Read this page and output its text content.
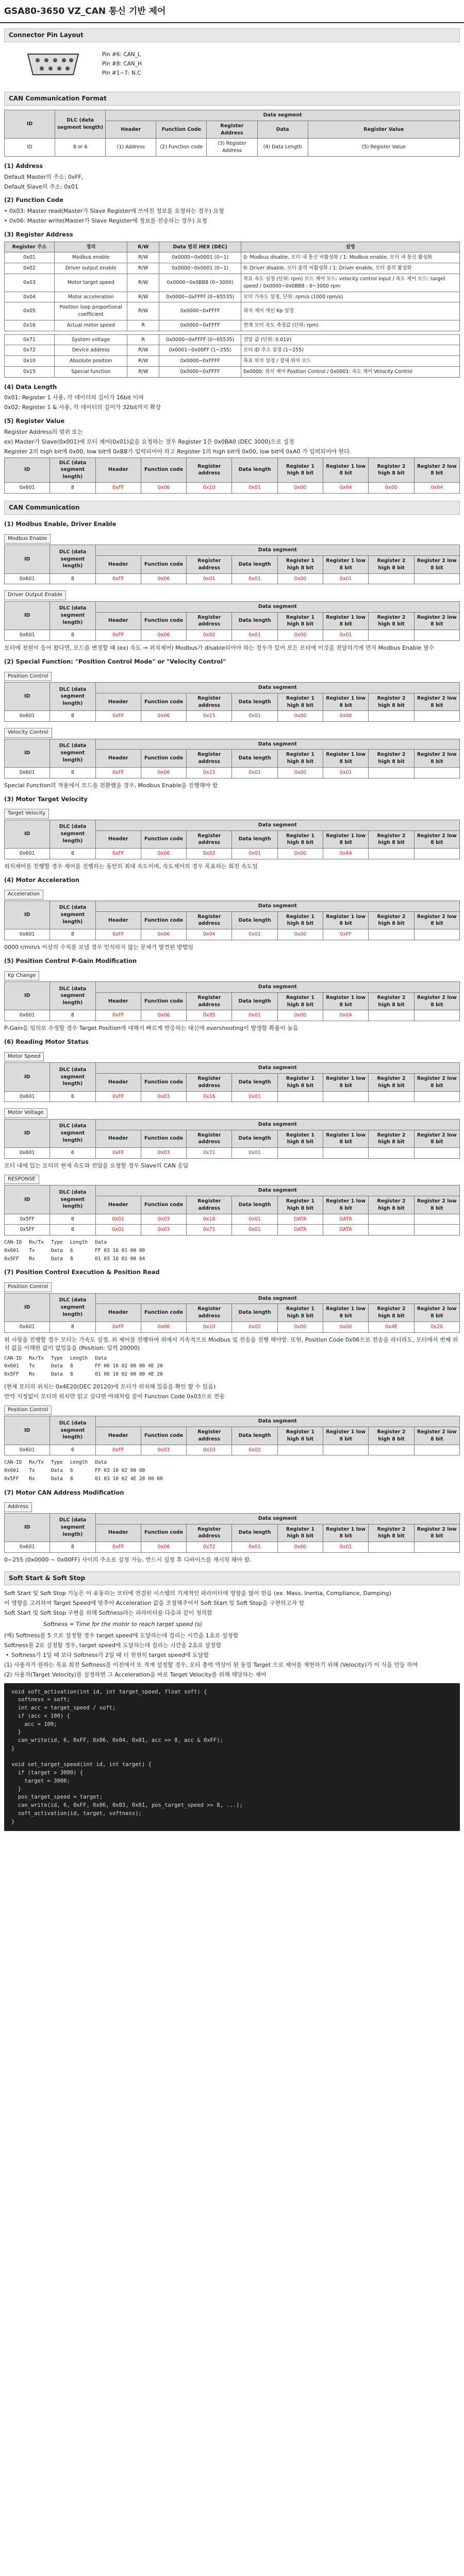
GSA80-3650 VZ_CAN 통신 기반 제어
Connector Pin Layout
Pin #6: CAN_L
Pin #8: CAN_H
Pin #1~7: N.C
CAN Communication Format
ID	DLC (data segment length)	Data segment				
		Header	Function Code	Register Address	Data	Register Value
ID	8 or 6	(1) Address	(2) Function code	(3) Register Address	(4) Data Length	(5) Register Value
(1) Address
Default Master의 주소: 0xFF,
Default Slave의 주소: 0x01
(2) Function Code
• 0x03: Master read(Master가 Slave Register에 쓰여진 정보를 요청하는 경우) 요청
• 0x06: Master write(Master가 Slave Register에 정보를 전송하는 경우) 요청
(3) Register Address
Register 주소	정의	R/W	Data 범위 HEX (DEC)	설명
0x01	Modbus enable	R/W	0x0000~0x0001 (0~1)	0: Modbus disable, 모터 내 통신 비활성화 / 1: Modbus enable, 모터 내 통신 활성화
0x02	Driver output enable	R/W	0x0000~0x0001 (0~1)	0: Driver disable, 모터 출력 비활성화 / 1: Driver enable, 모터 출력 활성화
0x03	Motor target speed	R/W	0x0000~0x0BB8 (0~3000)	목표 속도 설정 (단위: rpm) 모드 제어 모드: velocity control input / 속도 제어 모드: target speed / 0x0000~0x0BB8 : 0~3000 rpm
0x04	Motor acceleration	R/W	0x0000~0xFFFF (0~65535)	모터 가속도 설정, 단위: rpm/s (1000 rpm/s)
0x05	Position loop proportional coefficient	R/W	0x0000~0xFFFF	위치 제어 게인 Kp 설정
0x16	Actual motor speed	R	0x0000~0xFFFF	현재 모터 속도 측정값 (단위: rpm)
0x71	System voltage	R	0x0000~0xFFFF (0~65535)	전압 값 (단위: 0.01V)
0x72	Device address	R/W	0x0001~0x00FF (1~255)	모터 ID 주소 설정 (1~255)
0x10	Absolute position	R/W	0x0000~0xFFFF	목표 위치 설정 / 절대 위치 모드
0x15	Special function	R/W	0x0000~0xFFFF	0x0000: 위치 제어 Position Control / 0x0001: 속도 제어 Velocity Control
(4) Data Length
0x01: Register 1 사용, 각 데이터의 길이가 16bit 이며
0x02: Register 1 & 사용, 각 데이터의 길이가 32bit까지 확장
(5) Register Value
Register Address의 범위 또는
ex) Master가 Slave(0x001)에 모터 제어(0x01)값을 요청하는 경우 Register 1은 0x0BA0 (DEC 3000)으로 설정
Register 2의 high bit에 0x00, low bit에 0xBB가 입력되어야 하고 Register 1의 high bit에 0x00, low bit에 0xA0 가 입력되어야 한다.
ID	DLC (data segment length)	Header	Function code	Register address	Data length	Register 1 high 8 bit	Register 1 low 8 bit	Register 2 high 8 bit	Register 2 low 8 bit
0x601	8	0xFF	0x06	0x10	0x01	0x00	0x64	0x00	0x64
CAN Communication
(1) Modbus Enable, Driver Enable
Modbus Enable
ID	DLC (data segment length)	Data segment							
		Header	Function code	Register address	Data length	Register 1 high 8 bit	Register 1 low 8 bit	Register 2 high 8 bit	Register 2 low 8 bit
0x601	8	0xFF	0x06	0x01	0x01	0x00	0x01		
Driver Output Enable
ID	DLC (data segment length)	Data segment							
		Header	Function code	Register address	Data length	Register 1 high 8 bit	Register 1 low 8 bit	Register 2 high 8 bit	Register 2 low 8 bit
0x601	8	0xFF	0x06	0x02	0x01	0x00	0x01		
모터에 전원이 들어 왔다면, 모드를 변경할 때 (ex) 속도 → 위치제어) Modbus가 disable되어야 하는 경우가 있어 모든 모터에 이것을 전달하기에 먼저 Modbus Enable 필수
(2) Special Function: "Position Control Mode" or "Velocity Control"
Position Control
ID	DLC (data segment length)	Data segment							
		Header	Function code	Register address	Data length	Register 1 high 8 bit	Register 1 low 8 bit	Register 2 high 8 bit	Register 2 low 8 bit
0x601	8	0xFF	0x06	0x15	0x01	0x00	0x00		
Velocity Control
ID	DLC (data segment length)	Data segment							
		Header	Function code	Register address	Data length	Register 1 high 8 bit	Register 1 low 8 bit	Register 2 high 8 bit	Register 2 low 8 bit
0x601	8	0xFF	0x06	0x15	0x01	0x00	0x01		
Special Function의 적용에서 모드를 전환했을 경우, Modbus Enable을 진행해야 함
(3) Motor Target Velocity
Target Velocity
ID	DLC (data segment length)	Data segment							
		Header	Function code	Register address	Data length	Register 1 high 8 bit	Register 1 low 8 bit	Register 2 high 8 bit	Register 2 low 8 bit
0x601	8	0xFF	0x06	0x03	0x01	0x00	0x64		
위치제어를 진행할 경우 제어를 진행하는 동안의 최대 속도이며, 속도제어의 경우 목표하는 회전 속도임
(4) Motor Acceleration
Acceleration
ID	DLC (data segment length)	Data segment							
		Header	Function code	Register address	Data length	Register 1 high 8 bit	Register 1 low 8 bit	Register 2 high 8 bit	Register 2 low 8 bit
0x601	8	0xFF	0x06	0x04	0x01	0x00	0xFF		
0000 r/min/s 이상의 수치를 보낼 경우 인식하지 않는 문제가 발견된 방법임
(5) Position Control P-Gain Modification
Kp Change
ID	DLC (data segment length)	Data segment							
		Header	Function code	Register address	Data length	Register 1 high 8 bit	Register 1 low 8 bit	Register 2 high 8 bit	Register 2 low 8 bit
0x601	8	0xFF	0x06	0x05	0x01	0x00	0x0A		
P-Gain을 임의로 수정할 경우 Target Position에 대해서 빠르게 반응하는 대신에 overshooting이 발생할 확률이 높음
(6) Reading Motor Status
Motor Speed
ID	DLC (data segment length)	Data segment							
		Header	Function code	Register address	Data length	Register 1 high 8 bit	Register 1 low 8 bit	Register 2 high 8 bit	Register 2 low 8 bit
0x601	6	0xFF	0x03	0x16	0x01				
Motor Voltage
ID	DLC (data segment length)	Data segment							
		Header	Function code	Register address	Data length	Register 1 high 8 bit	Register 1 low 8 bit	Register 2 high 8 bit	Register 2 low 8 bit
0x601	6	0xFF	0x03	0x71	0x01				
모터 내에 있는 모터의 현재 속도와 전압을 요청할 경우 Slave의 CAN 응답
RESPONSE
ID	DLC (data segment length)	Data segment							
		Header	Function code	Register address	Data length	Register 1 high 8 bit	Register 1 low 8 bit	Register 2 high 8 bit	Register 2 low 8 bit
0x5FF	8	0x01	0x03	0x16	0x01	DATA	DATA		
0x5FF	8	0x01	0x03	0x71	0x01	DATA	DATA		
CAN-ID	Rx/Tx	Type	Length	Data
0x601	Tx	Data	6	FF 03 16 01 00 00
0x5FF	Rx	Data	8	01 03 16 01 00 64
(7) Position Control Execution & Position Read
Position Control
ID	DLC (data segment length)	Data segment							
		Header	Function code	Register address	Data length	Register 1 high 8 bit	Register 1 low 8 bit	Register 2 high 8 bit	Register 2 low 8 bit
0x601	8	0xFF	0x06	0x10	0x02	0x00	0x00	0x4E	0x20
위 사항을 진행할 경우 모터는 가속도 설정, 위 제어를 진행하여 위에서 지속적으로 Modbus 및 전송을 진행 해야함. 또한, Position Code 0x06으로 전송을 하더라도, 모터에서 번째 위치 값을 이해한 값이 없었음을 (Position: 입력 20000)
CAN-ID	Rx/Tx	Type	Length	Data
0x601	Tx	Data	8	FF 06 10 02 00 00 4E 20
0x5FF	Rx	Data	8	01 06 10 02 00 00 4E 20
(현재 모터의 위치는 0x4E20(DEC 20120)에 모터가 위치해 있음을 확인 할 수 있음)
만약 지정없이 모터의 위치만 읽고 싶다면 아래처럼 같이 Function Code 0x03으로 전송
Position Control
ID	DLC (data segment length)	Data segment							
		Header	Function code	Register address	Data length	Register 1 high 8 bit	Register 1 low 8 bit	Register 2 high 8 bit	Register 2 low 8 bit
0x601	6	0xFF	0x03	0x10	0x02				
CAN-ID	Rx/Tx	Type	Length	Data
0x601	Tx	Data	6	FF 03 10 02 00 00
0x5FF	Rx	Data	8	01 03 10 02 4E 20 00 00
(7) Motor CAN Address Modification
Address
ID	DLC (data segment length)	Data segment							
		Header	Function code	Register address	Data length	Register 1 high 8 bit	Register 1 low 8 bit	Register 2 high 8 bit	Register 2 low 8 bit
0x601	8	0xFF	0x06	0x72	0x01	0x00	0x01		
0~255 (0x0000 ~ 0x00FF) 사이의 주소로 설정 가능, 반드시 설정 후 디바이스를 재시작 해야 함.
Soft Start & Soft Stop
Soft Start 및 Soft Stop 기능은 이 유동하는 모터에 연결된 시스템의 기계적인 파라미터에 영향을 많이 받음 (ex. Mass, Inertia, Compliance, Damping)
이 영향을 고려하여 Target Speed에 맞추어 Acceleration 값을 조절해주어서 Soft Start 및 Soft Stop을 구현하고자 함
Soft Start 및 Soft Stop 구현을 위해 Softness라는 파라미터를 다음과 같이 정의함
Softness = Time for the motor to reach target speed (s)
(예) Softness를 5 으로 설정할 경우 target speed에 도달하는데 걸리는 시간을 1초로 설정함
Softness를 2로 설정할 경우, target speed에 도달하는데 걸리는 시간을 2초로 설정함
• Softness가 1일 때 보다 Softness가 2일 때 더 천천히 target speed에 도달함
(1) 사용자가 원하는 목표 회전 Softness를 이전에서 또 적게 설정할 경우, 모터 출력 역상이 된 동일 Target 으로 제어를 재현하기 위해 (Velocity)가 이 식을 만들 하여
(2) 사용자(Target Velocity)를 설정하면 그 Acceleration을 바로 Target Velocity를 위해 해당하는 제어
void soft_activation(int id, int target_speed, float soft) {
softness = soft;
int acc = target_speed / soft;
if (acc < 100) {
acc = 100;
}
can_write(id, 6, 0xFF, 0x06, 0x04, 0x01, acc >> 8, acc & 0xFF);
}

void set_target_speed(int id, int target) {
if (target > 3000) {
target = 3000;
}
pos_target_speed = target;
can_write(id, 6, 0xFF, 0x06, 0x03, 0x01, pos_target_speed >> 8, ...);
soft_activation(id, target, softness);
}
